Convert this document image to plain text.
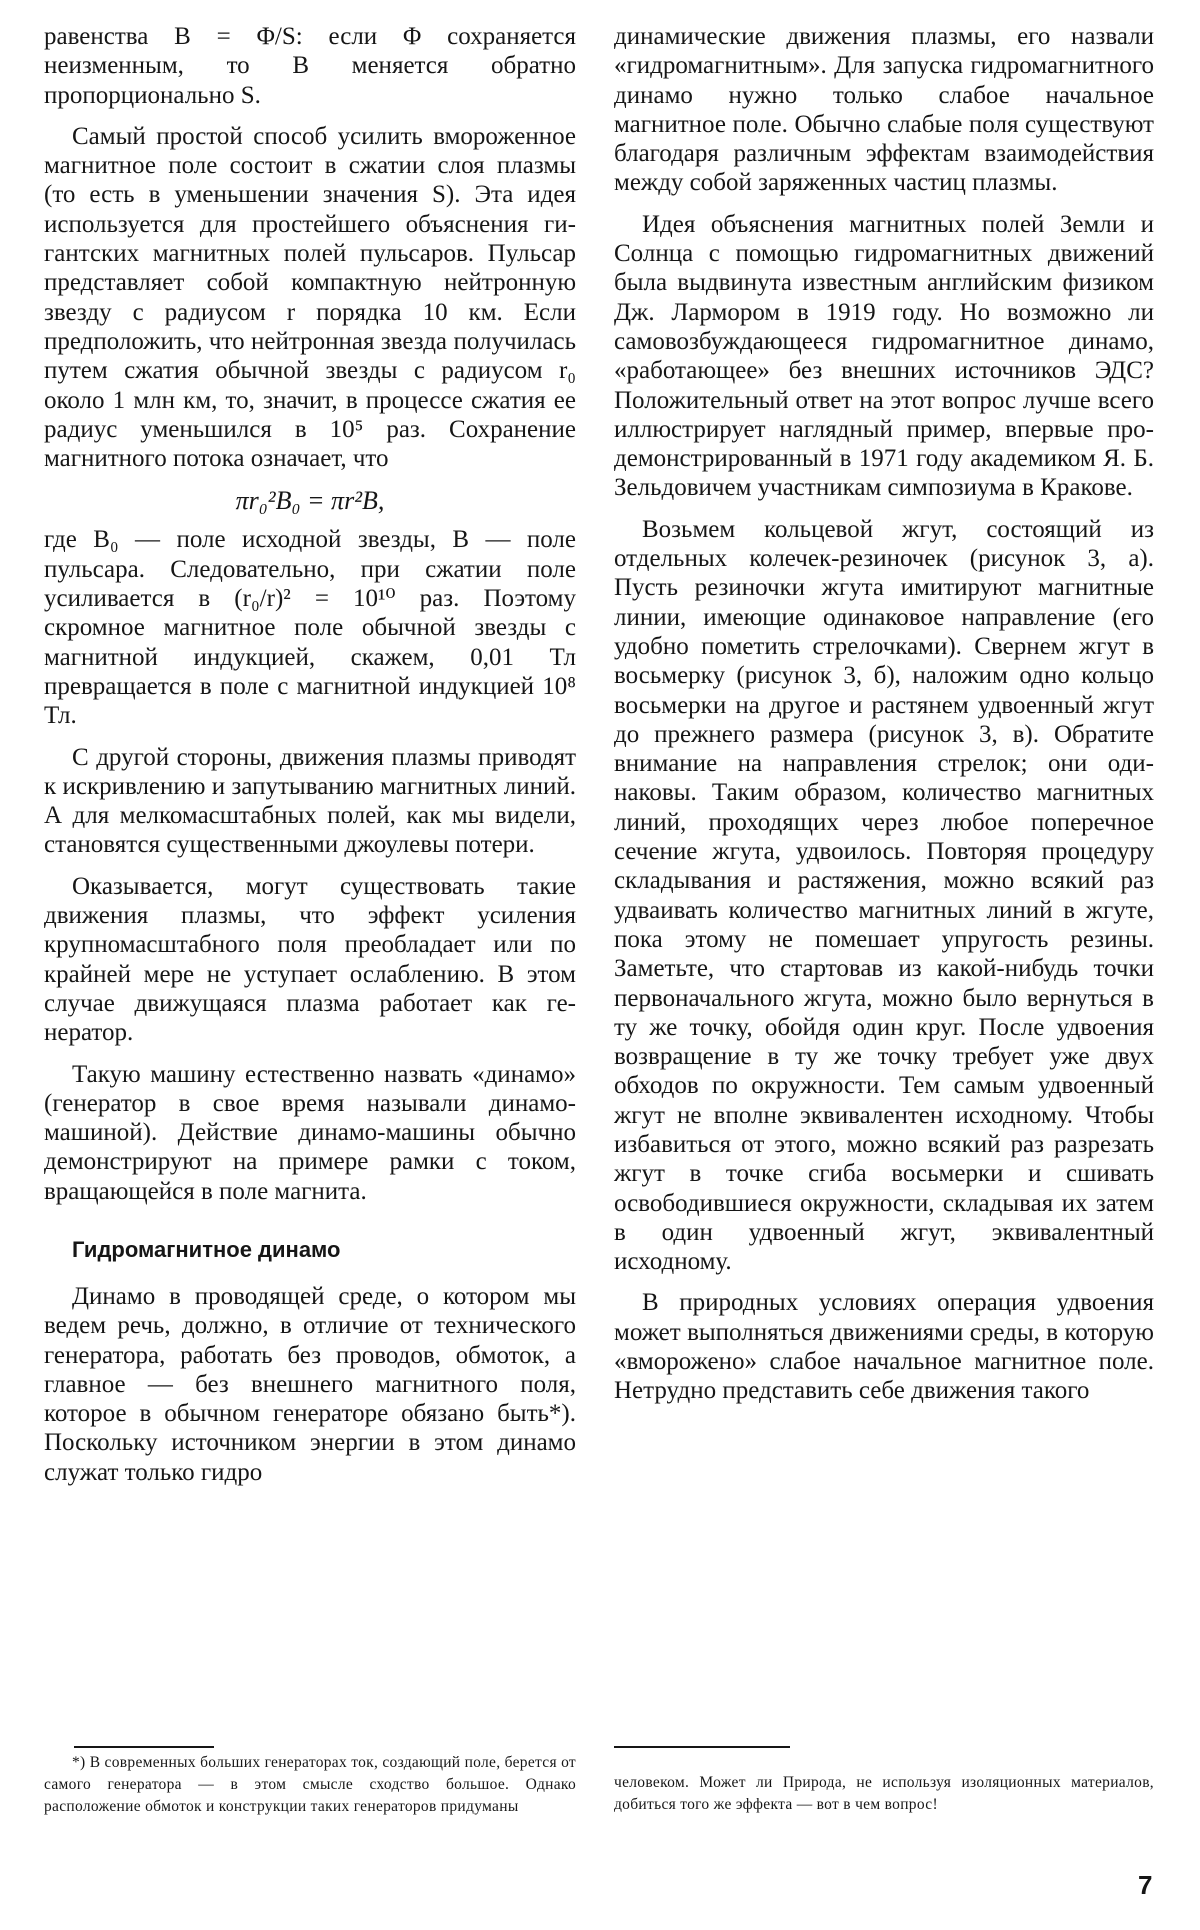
равенства B = Φ/S: если Φ сохраняется неизменным, то B меняется обратно пропорционально S.

Самый простой способ усилить вмороженное магнитное поле состоит в сжатии слоя плазмы (то есть в уменьшении значения S). Эта идея используется для простейшего объяснения гигантских магнитных полей пульсаров. Пульсар представляет собой компактную нейтронную звезду с радиусом r порядка 10 км. Если предположить, что нейтронная звезда получилась путем сжатия обычной звезды с радиусом r₀ около 1 млн км, то, значит, в процессе сжатия ее радиус уменьшился в 10⁵ раз. Сохранение магнитного потока означает, что

πr₀²B₀ = πr²B,

где B₀ — поле исходной звезды, B — поле пульсара. Следовательно, при сжатии поле усиливается в (r₀/r)² = 10¹⁰ раз. Поэтому скромное магнитное поле обычной звезды с магнитной индукцией, скажем, 0,01 Тл превращается в поле с магнитной индукцией 10⁸ Тл.

С другой стороны, движения плазмы приводят к искривлению и запутыванию магнитных линий. А для мелкомасштабных полей, как мы видели, становятся существенными джоулевы потери.

Оказывается, могут существовать такие движения плазмы, что эффект усиления крупномасштабного поля преобладает или по крайней мере не уступает ослаблению. В этом случае движущаяся плазма работает как генератор.

Такую машину естественно назвать «динамо» (генератор в свое время называли динамо-машиной). Действие динамо-машины обычно демонстрируют на примере рамки с током, вращающейся в поле магнита.

Гидромагнитное динамо

Динамо в проводящей среде, о котором мы ведем речь, должно, в отличие от технического генератора, работать без проводов, обмоток, а главное — без внешнего магнитного поля, которое в обычном генераторе обязано быть*). Поскольку источником энергии в этом динамо служат только гидро

динамические движения плазмы, его назвали «гидромагнитным». Для запуска гидромагнитного динамо нужно только слабое начальное магнитное поле. Обычно слабые поля существуют благодаря различным эффектам взаимодействия между собой заряженных частиц плазмы.

Идея объяснения магнитных полей Земли и Солнца с помощью гидромагнитных движений была выдвинута известным английским физиком Дж. Лармором в 1919 году. Но возможно ли самовозбуждающееся гидромагнитное динамо, «работающее» без внешних источников ЭДС? Положительный ответ на этот вопрос лучше всего иллюстрирует наглядный пример, впервые продемонстрированный в 1971 году академиком Я. Б. Зельдовичем участникам симпозиума в Кракове.

Возьмем кольцевой жгут, состоящий из отдельных колечек-резиночек (рисунок 3, а). Пусть резиночки жгута имитируют магнитные линии, имеющие одинаковое направление (его удобно пометить стрелочками). Свернем жгут в восьмерку (рисунок 3, б), наложим одно кольцо восьмерки на другое и растянем удвоенный жгут до прежнего размера (рисунок 3, в). Обратите внимание на направления стрелок; они одинаковы. Таким образом, количество магнитных линий, проходящих через любое поперечное сечение жгута, удвоилось. Повторяя процедуру складывания и растяжения, можно всякий раз удваивать количество магнитных линий в жгуте, пока этому не помешает упругость резины. Заметьте, что стартовав из какой-нибудь точки первоначального жгута, можно было вернуться в ту же точку, обойдя один круг. После удвоения возвращение в ту же точку требует уже двух обходов по окружности. Тем самым удвоенный жгут не вполне эквивалентен исходному. Чтобы избавиться от этого, можно всякий раз разрезать жгут в точке сгиба восьмерки и сшивать освободившиеся окружности, складывая их затем в один удвоенный жгут, эквивалентный исходному.

В природных условиях операция удвоения может выполняться движениями среды, в которую «вморожено» слабое начальное магнитное поле. Нетрудно представить себе движения такого

*) В современных больших генераторах ток, создающий поле, берется от самого генератора — в этом смысле сходство большое. Однако расположение обмоток и конструкции таких генераторов придуманы

человеком. Может ли Природа, не используя изоляционных материалов, добиться того же эффекта — вот в чем вопрос!

7
